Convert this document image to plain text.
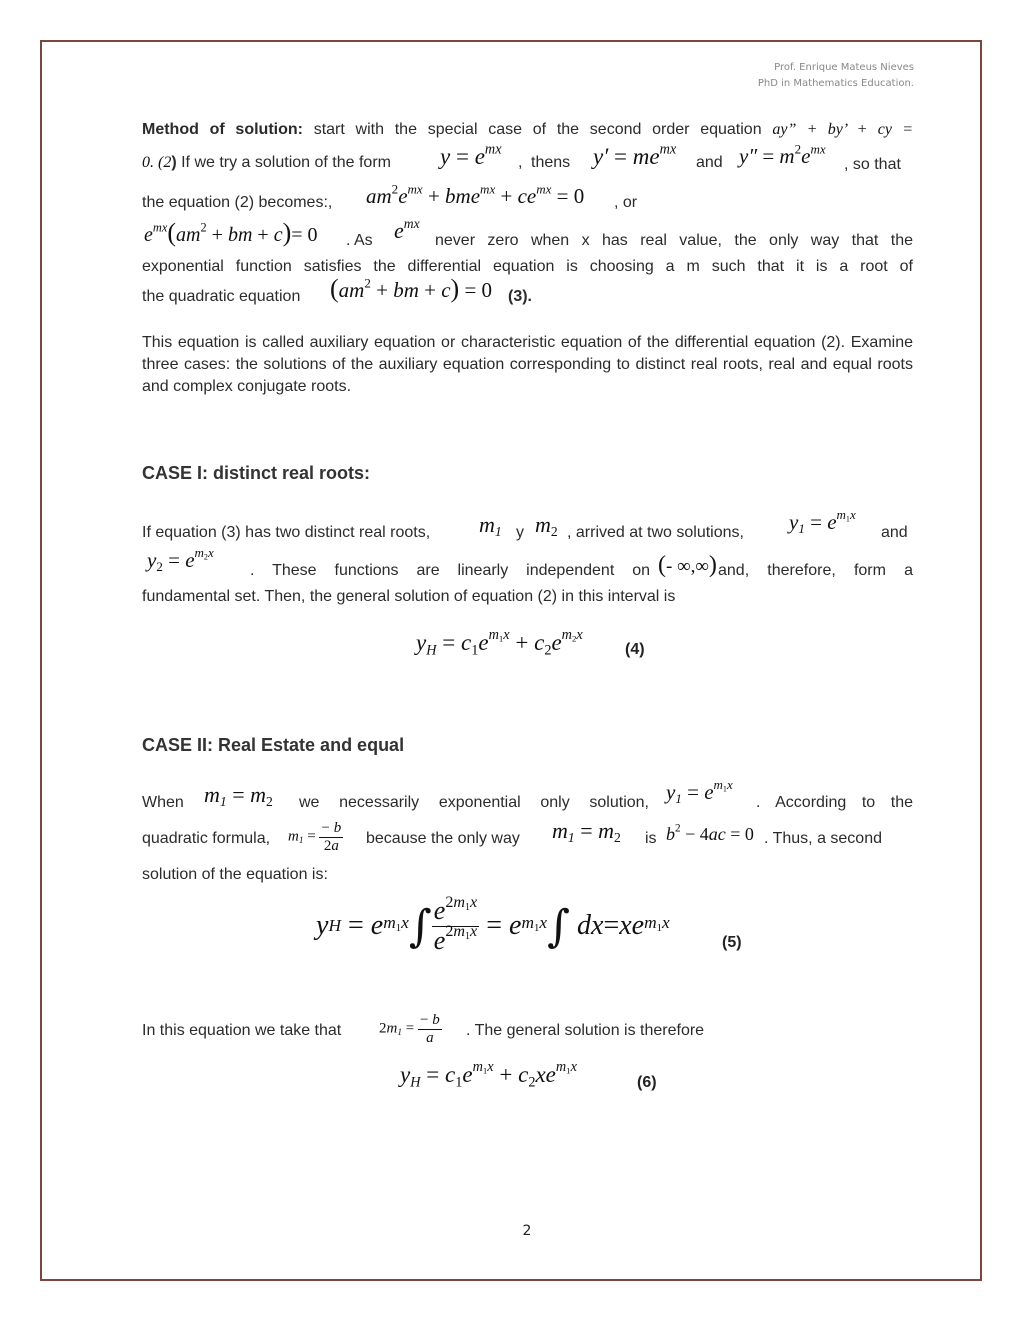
Prof. Enrique Mateus Nieves
PhD in Mathematics Education.
Method of solution: start with the special case of the second order equation ay” + by’ + cy =
0. (2) If we try a solution of the form $y = e^{mx}$
, thens $y' = me^{mx}$
and $y'' = m^2e^{mx}$
, so that
the equation (2) becomes:, $am^2e^{mx} + bme^{mx} + ce^{mx} = 0$ , or
$e^{mx}(am^2$ + bm + c)= 0 . As $e^{mx}$
never zero when x has real value, the only way that the
exponential function satisfies the differential equation is choosing a m such that it is a root of
the quadratic equation ($am^2$ + bm + c) = 0 (3).
This equation is called auxiliary equation or characteristic equation of the differential equation (2). Examine three cases: the solutions of the auxiliary equation corresponding to distinct real roots, real and equal roots and complex conjugate roots.
CASE I: distinct real roots:
If equation (3) has two distinct real roots, $m_1$ y $m_2$ , arrived at two solutions, $y_1 = e^{m_1x}$
and
$y_2 = e^{m_2x}$
. These functions are linearly independent on (- ∞,∞) and, therefore, form a
fundamental set. Then, the general solution of equation (2) in this interval is
$y_H = c_1e^{m_1x} + c_2e^{m_2x}$
(4)
CASE II: Real Estate and equal
When $m_1 = m_2$ we necessarily exponential only solution, $y_1 = e^{m_1x}$
. According to the
quadratic formula, $m_1 = \frac{- b}{2a}$ because the only way $m_1 = m_2$ is $b^2 - 4ac = 0$ . Thus, a second
solution of the equation is:
y H
= e $m_1x$ ∫ $\frac{e^{2m_1x}}{e^{2m_1x}}$
= e $m_1x$ ∫ dx = xe $m_1x$
(5)
In this equation we take that	$2m_1 = \frac{- b}{a}$ . The general solution is therefore
$y_H = c_1e^{m_1x} + c_2xe^{m_1x}$
(6)
2
